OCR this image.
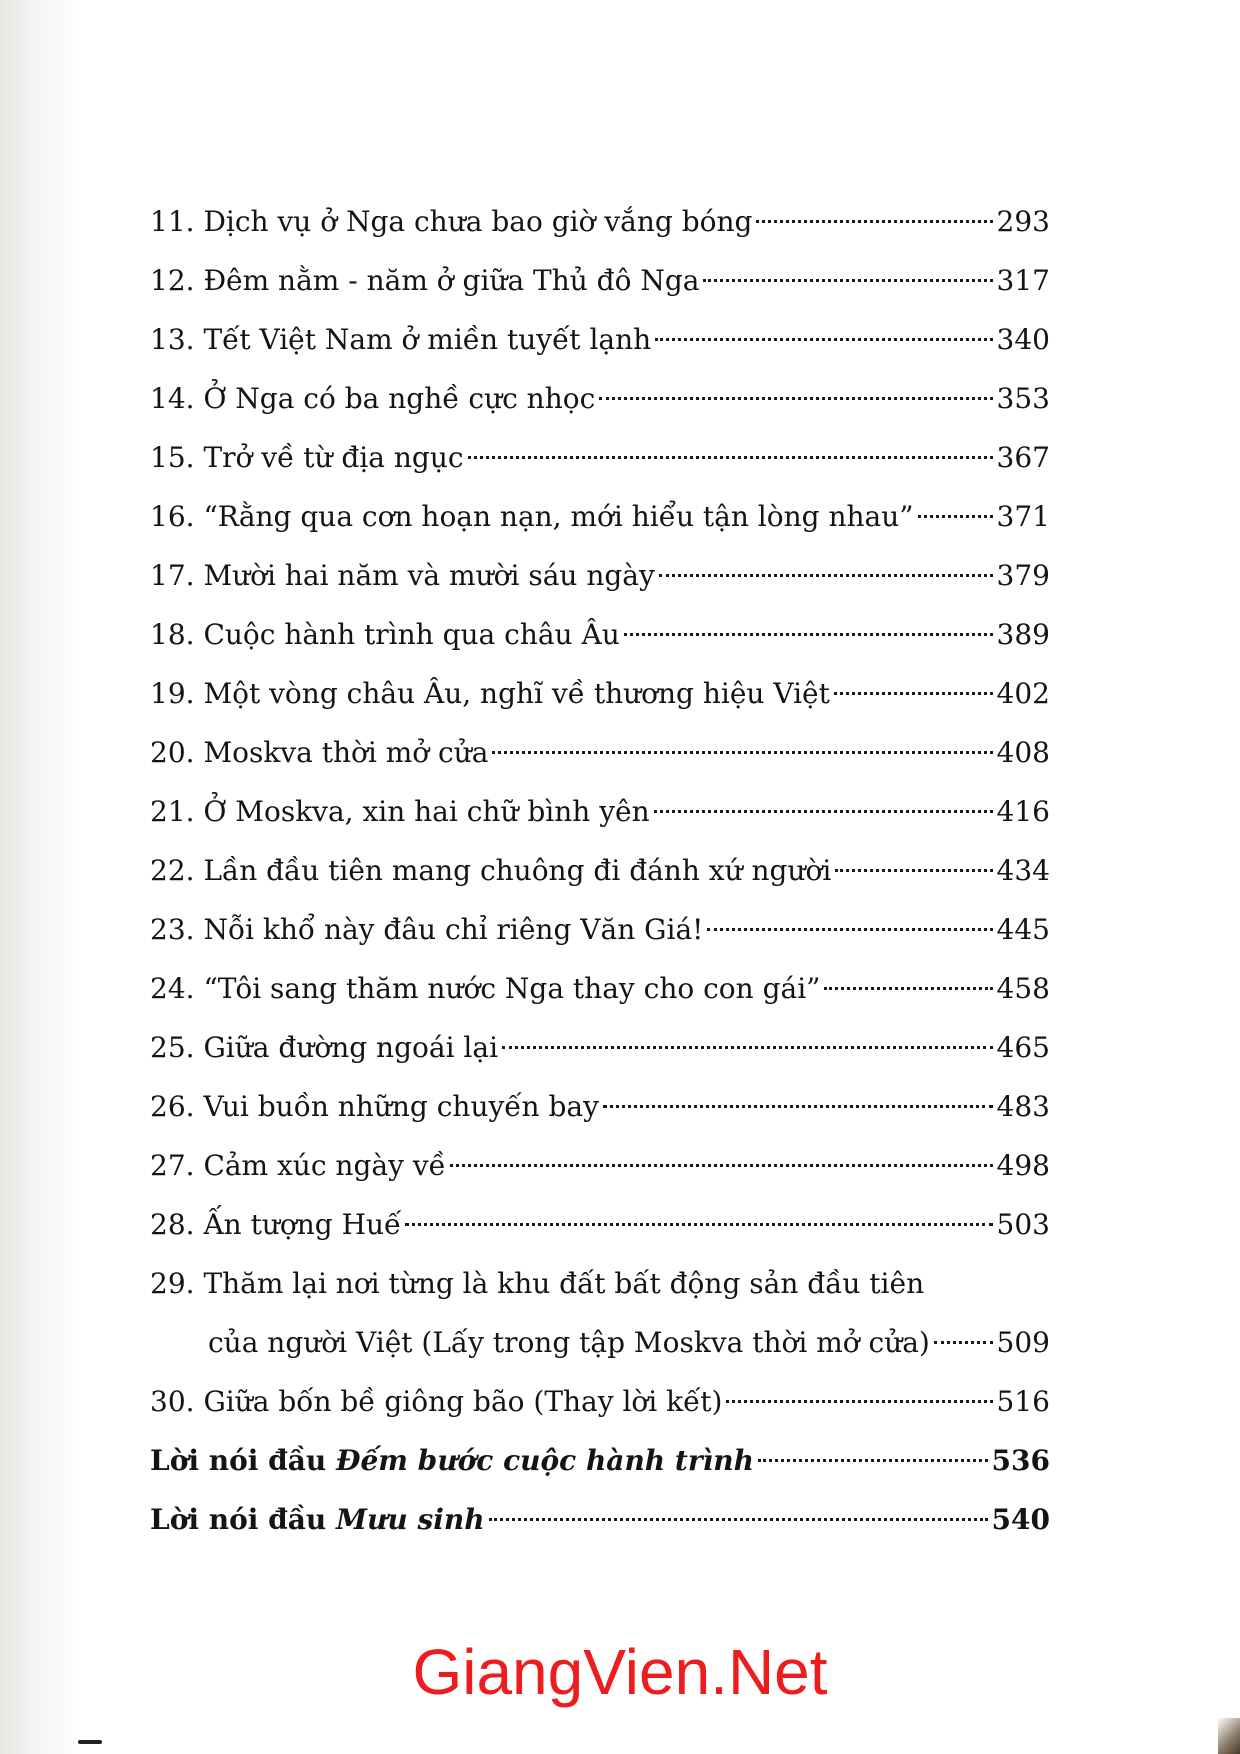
11. Dịch vụ ở Nga chưa bao giờ vắng bóng	293
12. Đêm nằm - năm ở giữa Thủ đô Nga	317
13. Tết Việt Nam ở miền tuyết lạnh	340
14. Ở Nga có ba nghề cực nhọc	353
15. Trở về từ địa ngục	367
16. “Rằng qua cơn hoạn nạn, mới hiểu tận lòng nhau”	371
17. Mười hai năm và mười sáu ngày	379
18. Cuộc hành trình qua châu Âu	389
19. Một vòng châu Âu, nghĩ về thương hiệu Việt	402
20. Moskva thời mở cửa	408
21. Ở Moskva, xin hai chữ bình yên	416
22. Lần đầu tiên mang chuông đi đánh xứ người	434
23. Nỗi khổ này đâu chỉ riêng Văn Giá!	445
24. “Tôi sang thăm nước Nga thay cho con gái”	458
25. Giữa đường ngoái lại	465
26. Vui buồn những chuyến bay	483
27. Cảm xúc ngày về	498
28. Ấn tượng Huế	503
29. Thăm lại nơi từng là khu đất bất động sản đầu tiên
của người Việt (Lấy trong tập Moskva thời mở cửa) 509
30. Giữa bốn bề giông bão (Thay lời kết)	516
Lời nói đầu Đếm bước cuộc hành trình	536
Lời nói đầu Mưu sinh	540
GiangVien.Net
